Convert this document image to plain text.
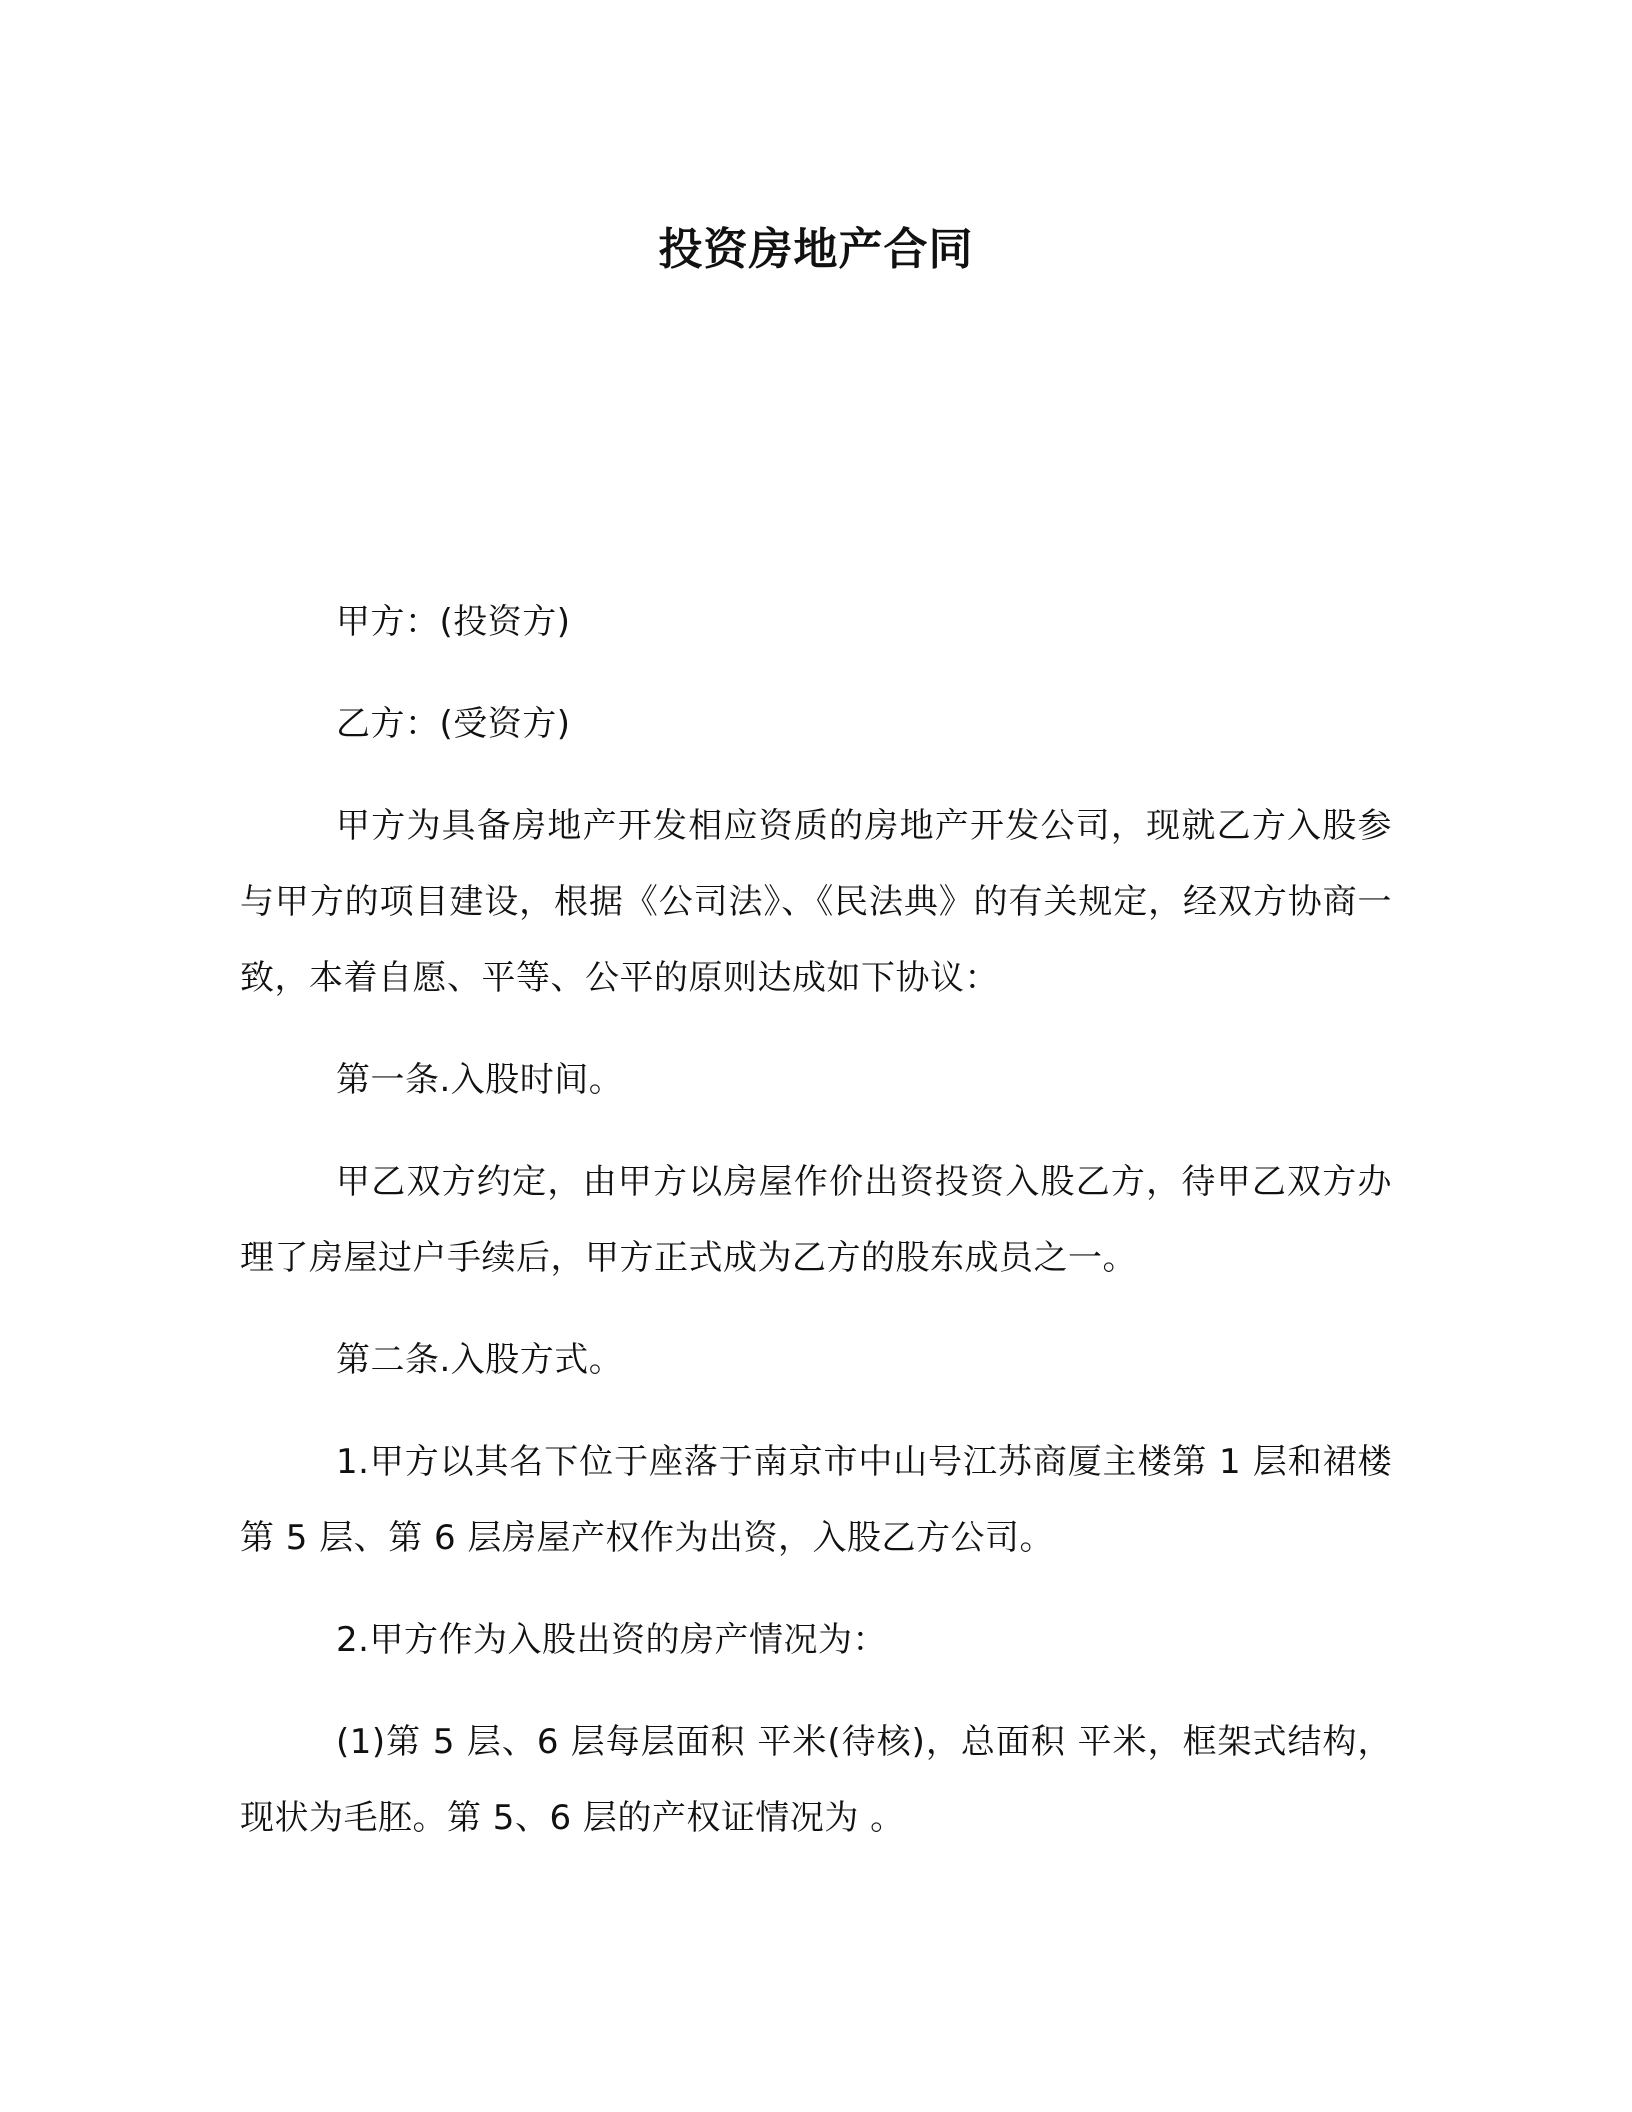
投资房地产合同

甲方：(投资方)

乙方：(受资方)

甲方为具备房地产开发相应资质的房地产开发公司，现就乙方入股参与甲方的项目建设，根据《公司法》、《民法典》的有关规定，经双方协商一致，本着自愿、平等、公平的原则达成如下协议：

第一条.入股时间。

甲乙双方约定，由甲方以房屋作价出资投资入股乙方，待甲乙双方办理了房屋过户手续后，甲方正式成为乙方的股东成员之一。

第二条.入股方式。

1.甲方以其名下位于座落于南京市中山号江苏商厦主楼第 1 层和裙楼第 5 层、第 6 层房屋产权作为出资，入股乙方公司。

2.甲方作为入股出资的房产情况为：

(1)第 5 层、6 层每层面积 平米(待核)，总面积 平米，框架式结构，现状为毛胚。第 5、6 层的产权证情况为 。
